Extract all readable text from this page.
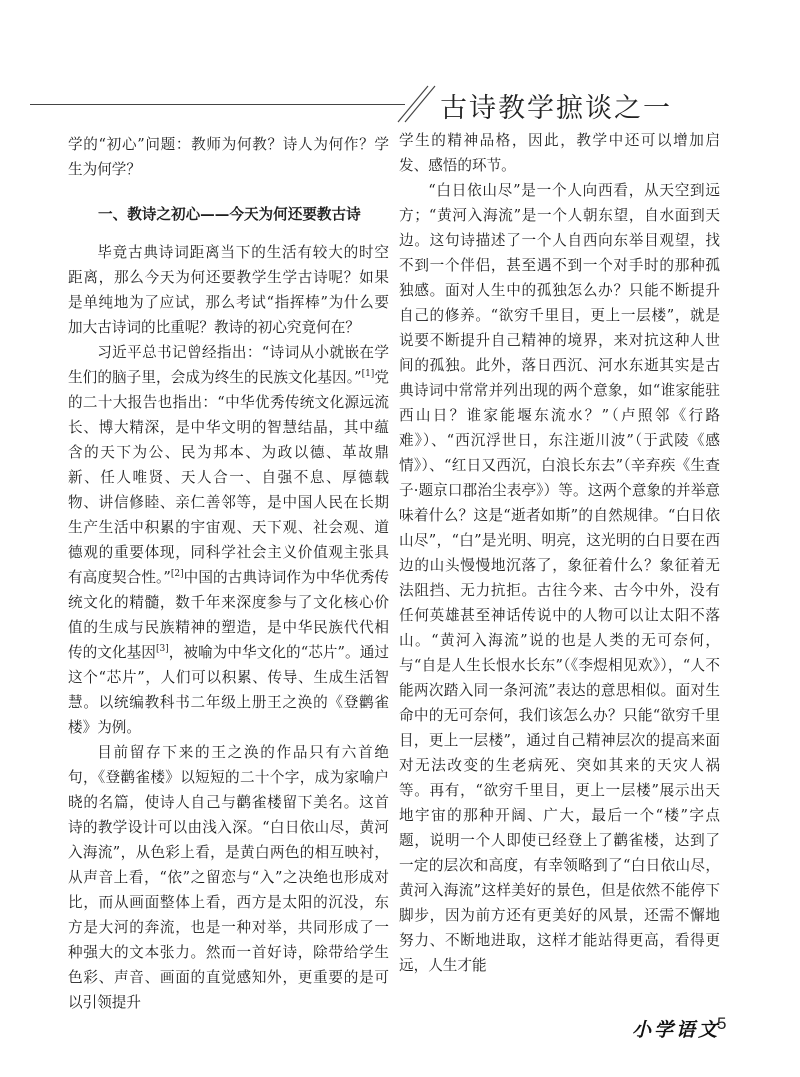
古诗教学摭谈之一

学的“初心”问题：教师为何教？诗人为何作？学生为何学？

一、教诗之初心——今天为何还要教古诗

毕竟古典诗词距离当下的生活有较大的时空距离，那么今天为何还要教学生学古诗呢？如果是单纯地为了应试，那么考试“指挥棒”为什么要加大古诗词的比重呢？教诗的初心究竟何在？

习近平总书记曾经指出：“诗词从小就嵌在学生们的脑子里，会成为终生的民族文化基因。”[1]党的二十大报告也指出：“中华优秀传统文化源远流长、博大精深，是中华文明的智慧结晶，其中蕴含的天下为公、民为邦本、为政以德、革故鼎新、任人唯贤、天人合一、自强不息、厚德载物、讲信修睦、亲仁善邻等，是中国人民在长期生产生活中积累的宇宙观、天下观、社会观、道德观的重要体现，同科学社会主义价值观主张具有高度契合性。”[2]中国的古典诗词作为中华优秀传统文化的精髓，数千年来深度参与了文化核心价值的生成与民族精神的塑造，是中华民族代代相传的文化基因[3]，被喻为中华文化的“芯片”。通过这个“芯片”，人们可以积累、传导、生成生活智慧。以统编教科书二年级上册王之涣的《登鹳雀楼》为例。

目前留存下来的王之涣的作品只有六首绝句，《登鹳雀楼》以短短的二十个字，成为家喻户晓的名篇，使诗人自己与鹳雀楼留下美名。这首诗的教学设计可以由浅入深。“白日依山尽，黄河入海流”，从色彩上看，是黄白两色的相互映衬，从声音上看，“依”之留恋与“入”之决绝也形成对比，而从画面整体上看，西方是太阳的沉没，东方是大河的奔流，也是一种对举，共同形成了一种强大的文本张力。然而一首好诗，除带给学生色彩、声音、画面的直觉感知外，更重要的是可以引领提升

学生的精神品格，因此，教学中还可以增加启发、感悟的环节。

“白日依山尽”是一个人向西看，从天空到远方；“黄河入海流”是一个人朝东望，自水面到天边。这句诗描述了一个人自西向东举目观望，找不到一个伴侣，甚至遇不到一个对手时的那种孤独感。面对人生中的孤独怎么办？只能不断提升自己的修养。“欲穷千里目，更上一层楼”，就是说要不断提升自己精神的境界，来对抗这种人世间的孤独。此外，落日西沉、河水东逝其实是古典诗词中常常并列出现的两个意象，如“谁家能驻西山日？谁家能堰东流水？”（卢照邻《行路难》）、“西沉浮世日，东注逝川波”（于武陵《感情》）、“红日又西沉，白浪长东去”（辛弃疾《生查子·题京口郡治尘表亭》）等。这两个意象的并举意味着什么？这是“逝者如斯”的自然规律。“白日依山尽”，“白”是光明、明亮，这光明的白日要在西边的山头慢慢地沉落了，象征着什么？象征着无法阻挡、无力抗拒。古往今来、古今中外，没有任何英雄甚至神话传说中的人物可以让太阳不落山。“黄河入海流”说的也是人类的无可奈何，与“自是人生长恨水长东”（《李煜相见欢》），“人不能两次踏入同一条河流”表达的意思相似。面对生命中的无可奈何，我们该怎么办？只能“欲穷千里目，更上一层楼”，通过自己精神层次的提高来面对无法改变的生老病死、突如其来的天灾人祸等。再有，“欲穷千里目，更上一层楼”展示出天地宇宙的那种开阔、广大，最后一个“楼”字点题，说明一个人即使已经登上了鹳雀楼，达到了一定的层次和高度，有幸领略到了“白日依山尽，黄河入海流”这样美好的景色，但是依然不能停下脚步，因为前方还有更美好的风景，还需不懈地努力、不断地进取，这样才能站得更高，看得更远，人生才能

小学语文
5
